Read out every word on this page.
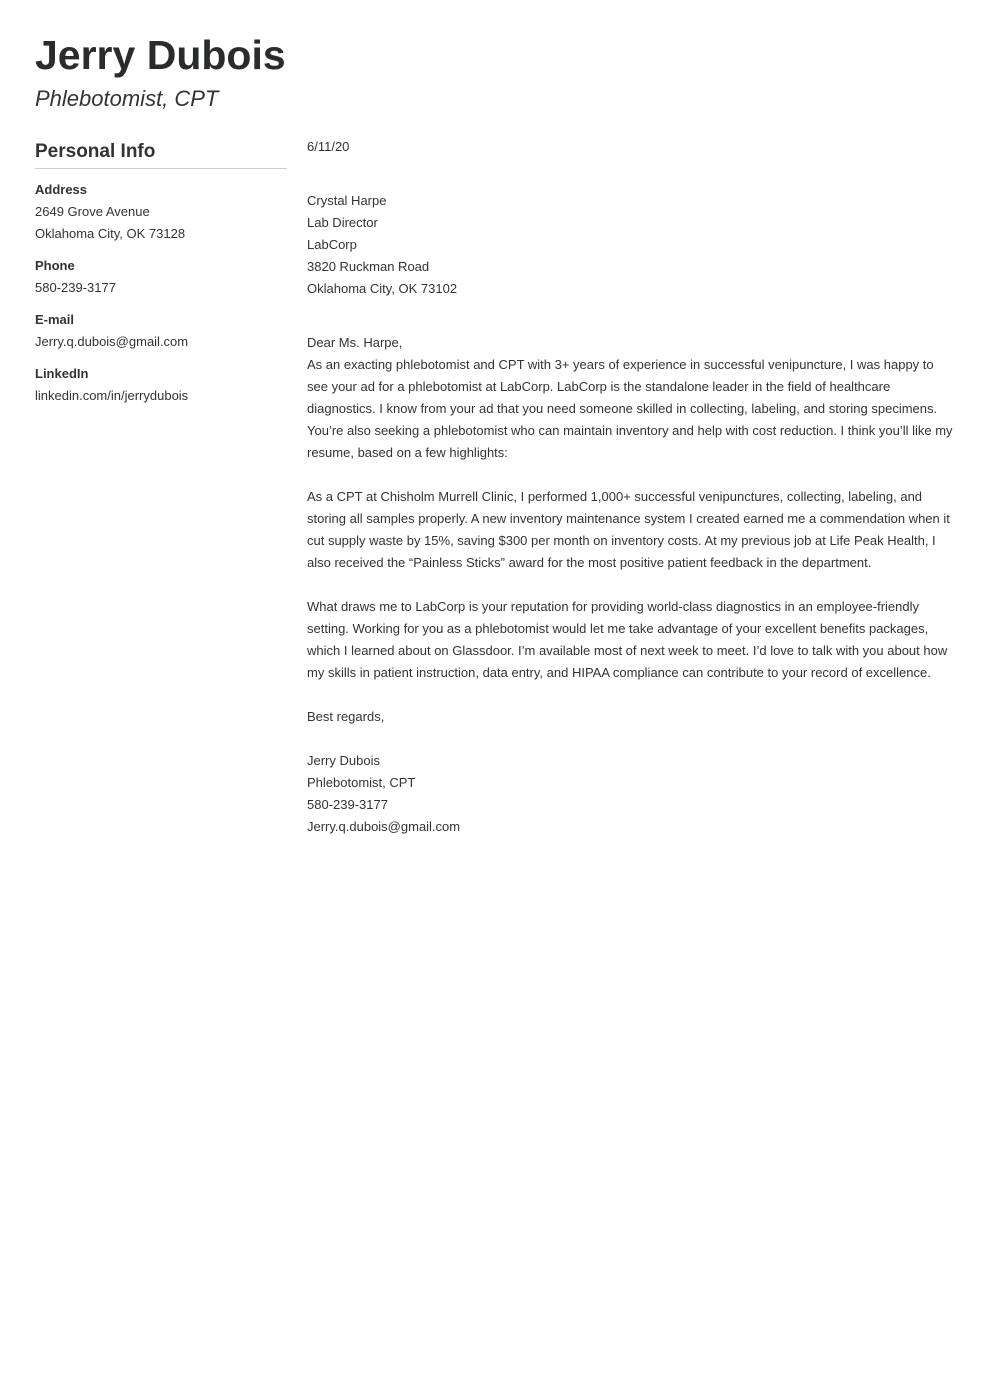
Jerry Dubois
Phlebotomist, CPT
Personal Info
Address
2649 Grove Avenue
Oklahoma City, OK 73128
Phone
580-239-3177
E-mail
Jerry.q.dubois@gmail.com
LinkedIn
linkedin.com/in/jerrydubois
6/11/20
Crystal Harpe
Lab Director
LabCorp
3820 Ruckman Road
Oklahoma City, OK 73102
Dear Ms. Harpe,

As an exacting phlebotomist and CPT with 3+ years of experience in successful venipuncture, I was happy to see your ad for a phlebotomist at LabCorp. LabCorp is the standalone leader in the field of healthcare diagnostics. I know from your ad that you need someone skilled in collecting, labeling, and storing specimens. You’re also seeking a phlebotomist who can maintain inventory and help with cost reduction. I think you’ll like my resume, based on a few highlights:

As a CPT at Chisholm Murrell Clinic, I performed 1,000+ successful venipunctures, collecting, labeling, and storing all samples properly. A new inventory maintenance system I created earned me a commendation when it cut supply waste by 15%, saving $300 per month on inventory costs. At my previous job at Life Peak Health, I also received the “Painless Sticks” award for the most positive patient feedback in the department.

What draws me to LabCorp is your reputation for providing world-class diagnostics in an employee-friendly setting. Working for you as a phlebotomist would let me take advantage of your excellent benefits packages, which I learned about on Glassdoor. I’m available most of next week to meet. I’d love to talk with you about how my skills in patient instruction, data entry, and HIPAA compliance can contribute to your record of excellence.

Best regards,
Jerry Dubois
Phlebotomist, CPT
580-239-3177
Jerry.q.dubois@gmail.com
